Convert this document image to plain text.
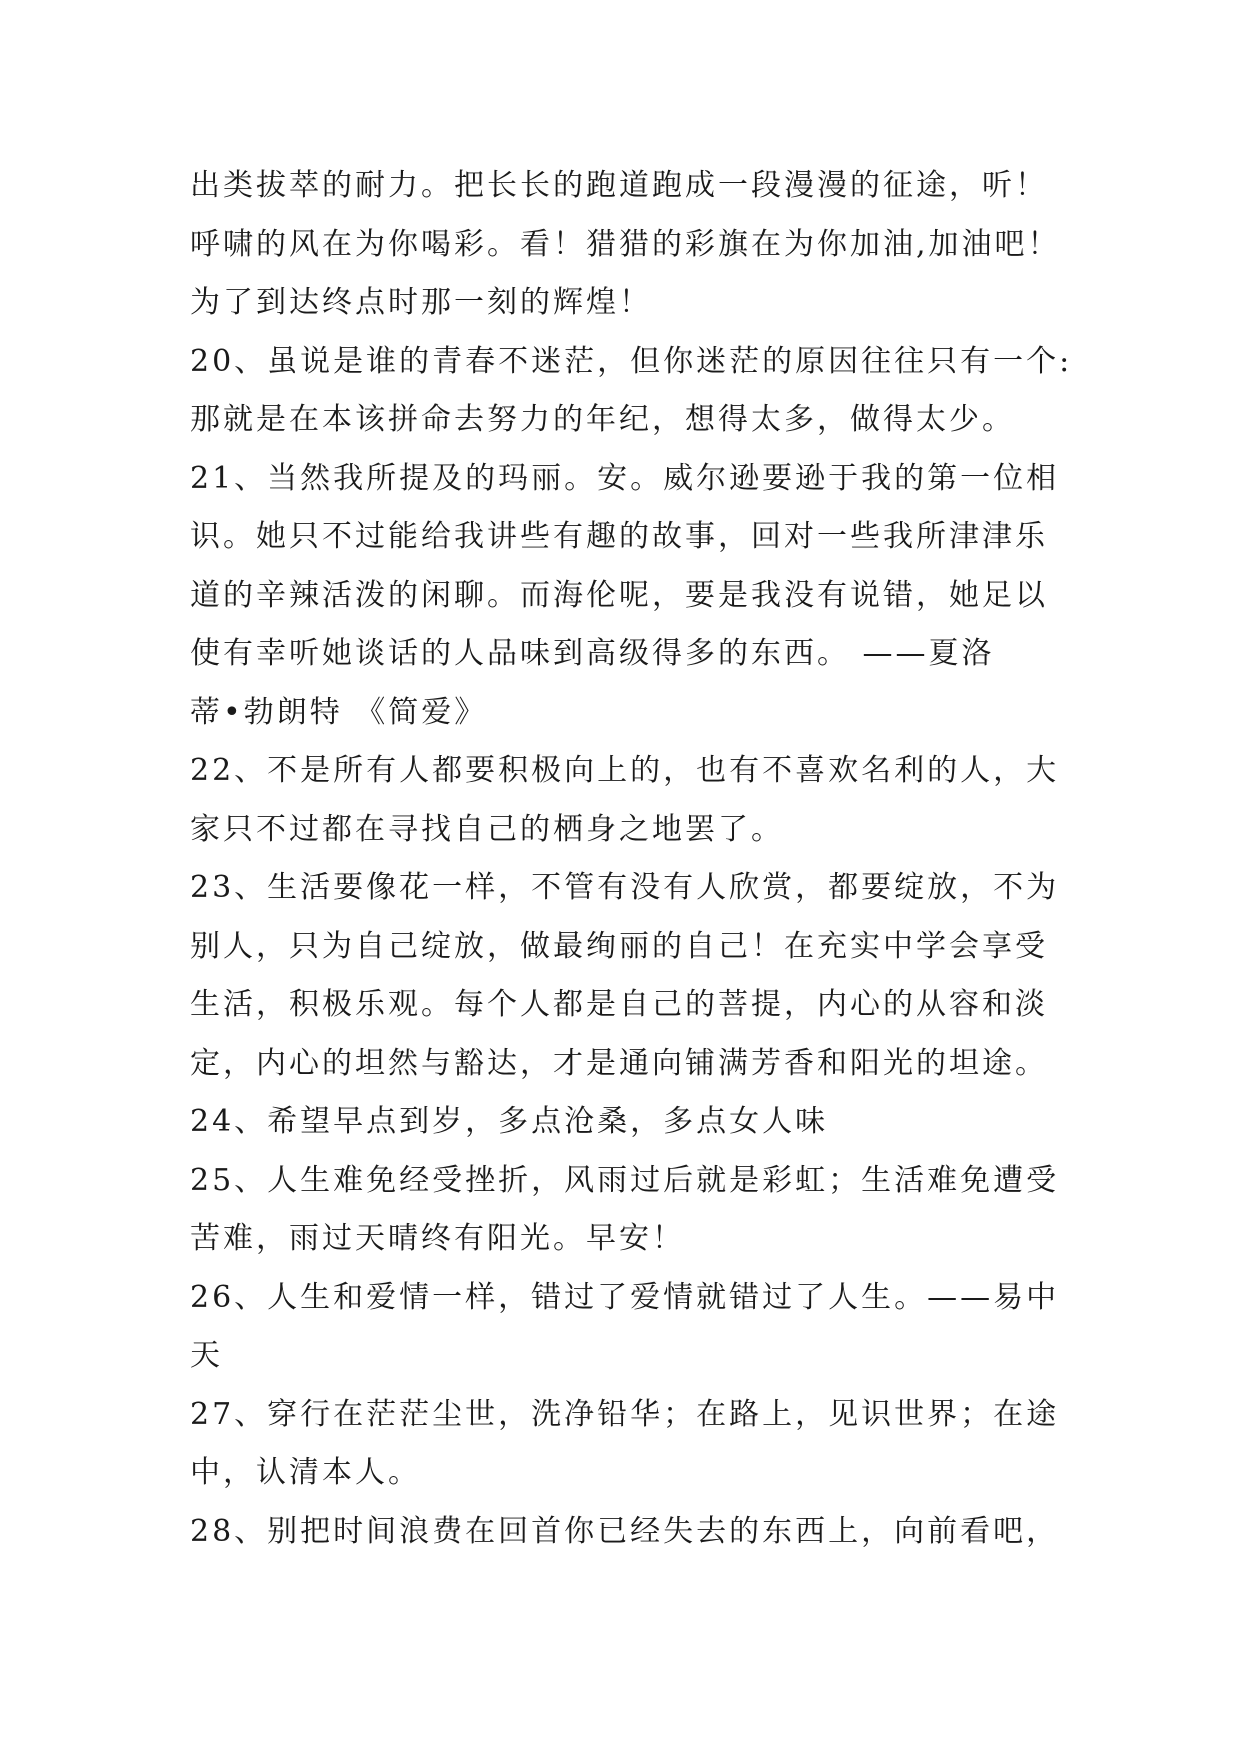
出类拔萃的耐力。把长长的跑道跑成一段漫漫的征途，听！
呼啸的风在为你喝彩。看！猎猎的彩旗在为你加油,加油吧！
为了到达终点时那一刻的辉煌！
20、虽说是谁的青春不迷茫，但你迷茫的原因往往只有一个:
那就是在本该拼命去努力的年纪，想得太多，做得太少。
21、当然我所提及的玛丽。安。威尔逊要逊于我的第一位相
识。她只不过能给我讲些有趣的故事，回对一些我所津津乐
道的辛辣活泼的闲聊。而海伦呢，要是我没有说错，她足以
使有幸听她谈话的人品味到高级得多的东西。 ——夏洛
蒂•勃朗特 《简爱》
22、不是所有人都要积极向上的，也有不喜欢名利的人，大
家只不过都在寻找自己的栖身之地罢了。
23、生活要像花一样，不管有没有人欣赏，都要绽放，不为
别人，只为自己绽放，做最绚丽的自己！在充实中学会享受
生活，积极乐观。每个人都是自己的菩提，内心的从容和淡
定，内心的坦然与豁达，才是通向铺满芳香和阳光的坦途。
24、希望早点到岁，多点沧桑，多点女人味
25、人生难免经受挫折，风雨过后就是彩虹；生活难免遭受
苦难，雨过天晴终有阳光。早安！
26、人生和爱情一样，错过了爱情就错过了人生。——易中
天
27、穿行在茫茫尘世，洗净铅华；在路上，见识世界；在途
中，认清本人。
28、别把时间浪费在回首你已经失去的东西上，向前看吧，
